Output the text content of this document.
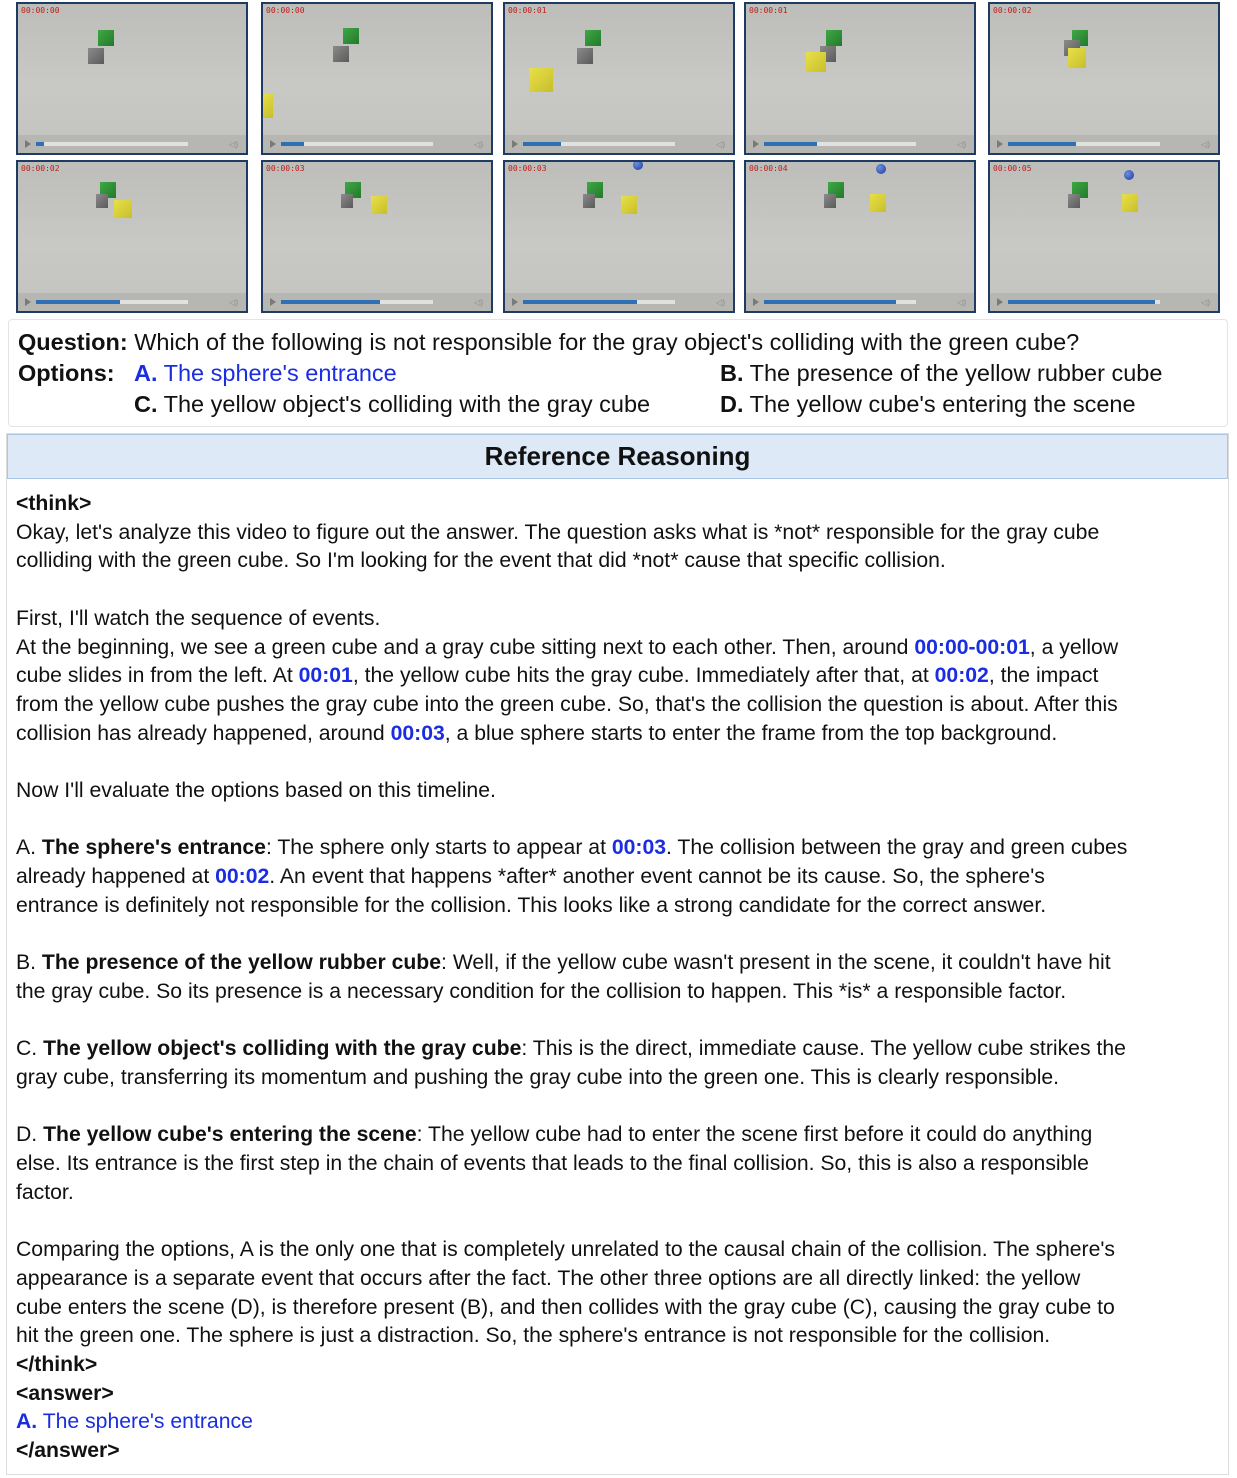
00:00:00
◁)
00:00:00
◁)
00:00:01
◁)
00:00:01
◁)
00:00:02
◁)
00:00:02
◁)
00:00:03
◁)
00:00:03
◁)
00:00:04
◁)
00:00:05
◁)
Question: Which of the following is not responsible for the gray object's colliding with the green cube?
Options: A. The sphere's entrance	B. The presence of the yellow rubber cube
C. The yellow object's colliding with the gray cube	D. The yellow cube's entering the scene
Reference Reasoning
<think>
Okay, let's analyze this video to figure out the answer. The question asks what is *not* responsible for the gray cube
colliding with the green cube. So I'm looking for the event that did *not* cause that specific collision.
First, I'll watch the sequence of events.
At the beginning, we see a green cube and a gray cube sitting next to each other. Then, around 00:00-00:01, a yellow
cube slides in from the left. At 00:01, the yellow cube hits the gray cube. Immediately after that, at 00:02, the impact
from the yellow cube pushes the gray cube into the green cube. So, that's the collision the question is about. After this
collision has already happened, around 00:03, a blue sphere starts to enter the frame from the top background.
Now I'll evaluate the options based on this timeline.
A. The sphere's entrance: The sphere only starts to appear at 00:03. The collision between the gray and green cubes
already happened at 00:02. An event that happens *after* another event cannot be its cause. So, the sphere's
entrance is definitely not responsible for the collision. This looks like a strong candidate for the correct answer.
B. The presence of the yellow rubber cube: Well, if the yellow cube wasn't present in the scene, it couldn't have hit
the gray cube. So its presence is a necessary condition for the collision to happen. This *is* a responsible factor.
C. The yellow object's colliding with the gray cube: This is the direct, immediate cause. The yellow cube strikes the
gray cube, transferring its momentum and pushing the gray cube into the green one. This is clearly responsible.
D. The yellow cube's entering the scene: The yellow cube had to enter the scene first before it could do anything
else. Its entrance is the first step in the chain of events that leads to the final collision. So, this is also a responsible
factor.
Comparing the options, A is the only one that is completely unrelated to the causal chain of the collision. The sphere's
appearance is a separate event that occurs after the fact. The other three options are all directly linked: the yellow
cube enters the scene (D), is therefore present (B), and then collides with the gray cube (C), causing the gray cube to
hit the green one. The sphere is just a distraction. So, the sphere's entrance is not responsible for the collision.
</think>
<answer>
A. The sphere's entrance
</answer>
